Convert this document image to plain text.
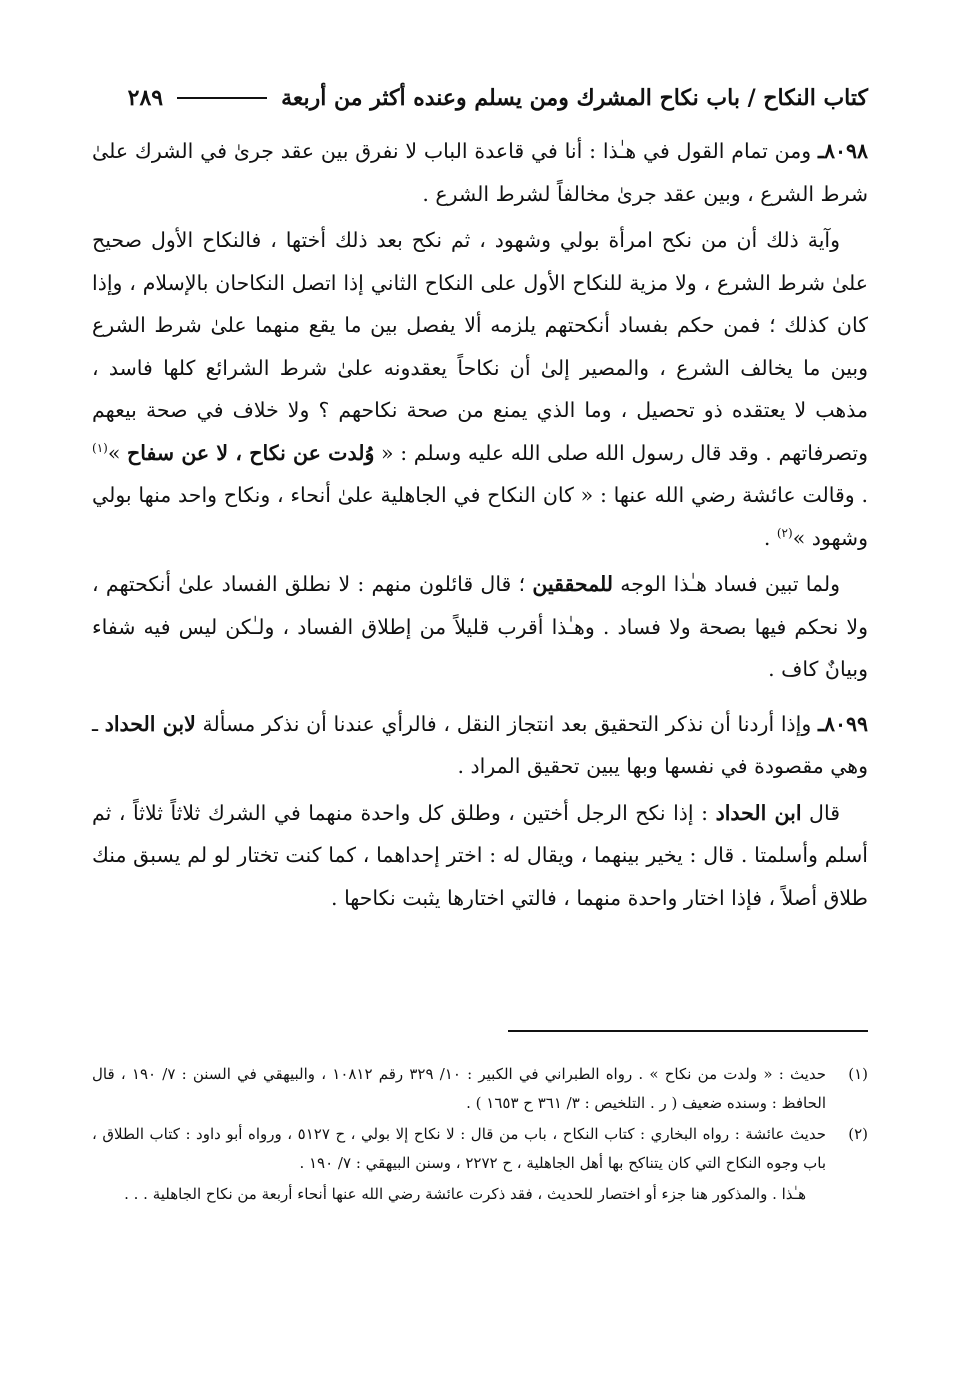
كتاب النكاح / باب نكاح المشرك ومن يسلم وعنده أكثر من أربعة
٢٨٩

٨٠٩٨ـ ومن تمام القول في هـٰذا : أنا في قاعدة الباب لا نفرق بين عقد جرىٰ في الشرك علىٰ شرط الشرع ، وبين عقد جرىٰ مخالفاً لشرط الشرع .

وآية ذلك أن من نكح امرأة بولي وشهود ، ثم نكح بعد ذلك أختها ، فالنكاح الأول صحيح علىٰ شرط الشرع ، ولا مزية للنكاح الأول على النكاح الثاني إذا اتصل النكاحان بالإسلام ، وإذا كان كذلك ؛ فمن حكم بفساد أنكحتهم يلزمه ألا يفصل بين ما يقع منهما علىٰ شرط الشرع وبين ما يخالف الشرع ، والمصير إلىٰ أن نكاحاً يعقدونه علىٰ شرط الشرائع كلها فاسد ، مذهب لا يعتقده ذو تحصيل ، وما الذي يمنع من صحة نكاحهم ؟ ولا خلاف في صحة بيعهم وتصرفاتهم . وقد قال رسول الله صلى الله عليه وسلم : « وُلدت عن نكاح ، لا عن سفاح »$^{(١)}$ . وقالت عائشة رضي الله عنها : « كان النكاح في الجاهلية علىٰ أنحاء ، ونكاح واحد منها بولي وشهود »$^{(٢)}$ .

ولما تبين فساد هـٰذا الوجه للمحققين ؛ قال قائلون منهم : لا نطلق الفساد علىٰ أنكحتهم ، ولا نحكم فيها بصحة ولا فساد . وهـٰذا أقرب قليلاً من إطلاق الفساد ، ولـٰكن ليس فيه شفاء وبيانٌ كاف .

٨٠٩٩ـ وإذا أردنا أن نذكر التحقيق بعد انتجاز النقل ، فالرأي عندنا أن نذكر مسألة لابن الحداد ـ وهي مقصودة في نفسها وبها يبين تحقيق المراد .

قال ابن الحداد : إذا نكح الرجل أختين ، وطلق كل واحدة منهما في الشرك ثلاثاً ثلاثاً ، ثم أسلم وأسلمتا . قال : يخير بينهما ، ويقال له : اختر إحداهما ، كما كنت تختار لو لم يسبق منك طلاق أصلاً ، فإذا اختار واحدة منهما ، فالتي اختارها يثبت نكاحها .

(١)
حديث : « ولدت من نكاح » . رواه الطبراني في الكبير : ١٠/ ٣٢٩ رقم ١٠٨١٢ ، والبيهقي في السنن : ٧/ ١٩٠ ، قال الحافظ : وسنده ضعيف ( ر . التلخيص : ٣/ ٣٦١ ح ١٦٥٣ ) .
(٢)
حديث عائشة : رواه البخاري : كتاب النكاح ، باب من قال : لا نكاح إلا بولي ، ح ٥١٢٧ ، ورواه أبو داود : كتاب الطلاق ، باب وجوه النكاح التي كان يتناكح بها أهل الجاهلية ، ح ٢٢٧٢ ، وسنن البيهقي : ٧/ ١٩٠ .
هـٰذا . والمذكور هنا جزء أو اختصار للحديث ، فقد ذكرت عائشة رضي الله عنها أنحاء أربعة من نكاح الجاهلية . . .
